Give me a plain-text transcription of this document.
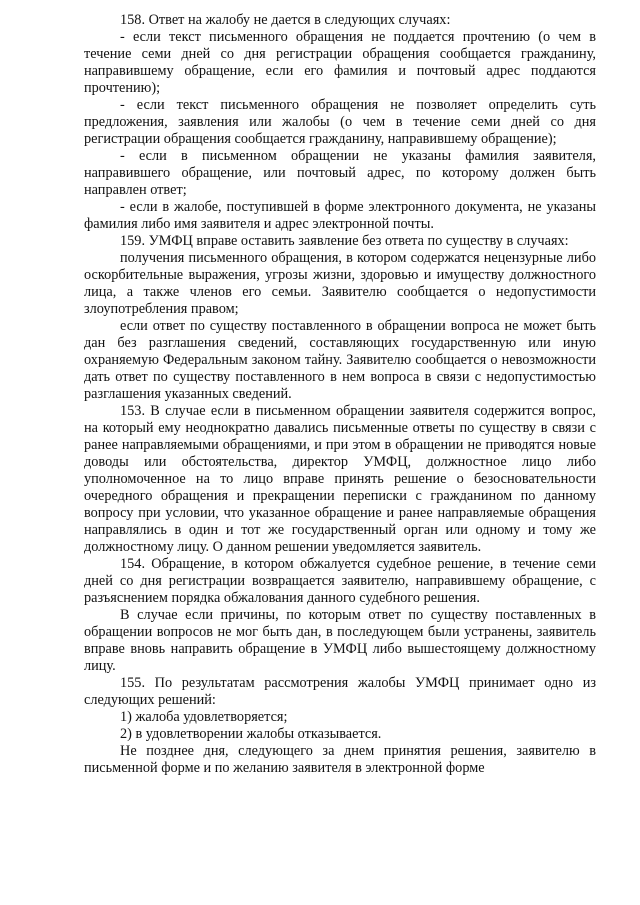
158. Ответ на жалобу не дается в следующих случаях:

- если текст письменного обращения не поддается прочтению (о чем в течение семи дней со дня регистрации обращения сообщается гражданину, направившему обращение, если его фамилия и почтовый адрес поддаются прочтению);

- если текст письменного обращения не позволяет определить суть предложения, заявления или жалобы (о чем в течение семи дней со дня регистрации обращения сообщается гражданину, направившему обращение);

- если в письменном обращении не указаны фамилия заявителя, направившего обращение, или почтовый адрес, по которому должен быть направлен ответ;

- если в жалобе, поступившей в форме электронного документа, не указаны фамилия либо имя заявителя и адрес электронной почты.

159. УМФЦ вправе оставить заявление без ответа по существу в случаях:

получения письменного обращения, в котором содержатся нецензурные либо оскорбительные выражения, угрозы жизни, здоровью и имуществу должностного лица, а также членов его семьи. Заявителю сообщается о недопустимости злоупотребления правом;

если ответ по существу поставленного в обращении вопроса не может быть дан без разглашения сведений, составляющих государственную или иную охраняемую Федеральным законом тайну. Заявителю сообщается о невозможности дать ответ по существу поставленного в нем вопроса в связи с недопустимостью разглашения указанных сведений.

153. В случае если в письменном обращении заявителя содержится вопрос, на который ему неоднократно давались письменные ответы по существу в связи с ранее направляемыми обращениями, и при этом в обращении не приводятся новые доводы или обстоятельства, директор УМФЦ, должностное лицо либо уполномоченное на то лицо вправе принять решение о безосновательности очередного обращения и прекращении переписки с гражданином по данному вопросу при условии, что указанное обращение и ранее направляемые обращения направлялись в один и тот же государственный орган или одному и тому же должностному лицу. О данном решении уведомляется заявитель.

154. Обращение, в котором обжалуется судебное решение, в течение семи дней со дня регистрации возвращается заявителю, направившему обращение, с разъяснением порядка обжалования данного судебного решения.

В случае если причины, по которым ответ по существу поставленных в обращении вопросов не мог быть дан, в последующем были устранены, заявитель вправе вновь направить обращение в УМФЦ либо вышестоящему должностному лицу.

155. По результатам рассмотрения жалобы УМФЦ принимает одно из следующих решений:

1) жалоба удовлетворяется;

2) в удовлетворении жалобы отказывается.

Не позднее дня, следующего за днем принятия решения, заявителю в письменной форме и по желанию заявителя в электронной форме
